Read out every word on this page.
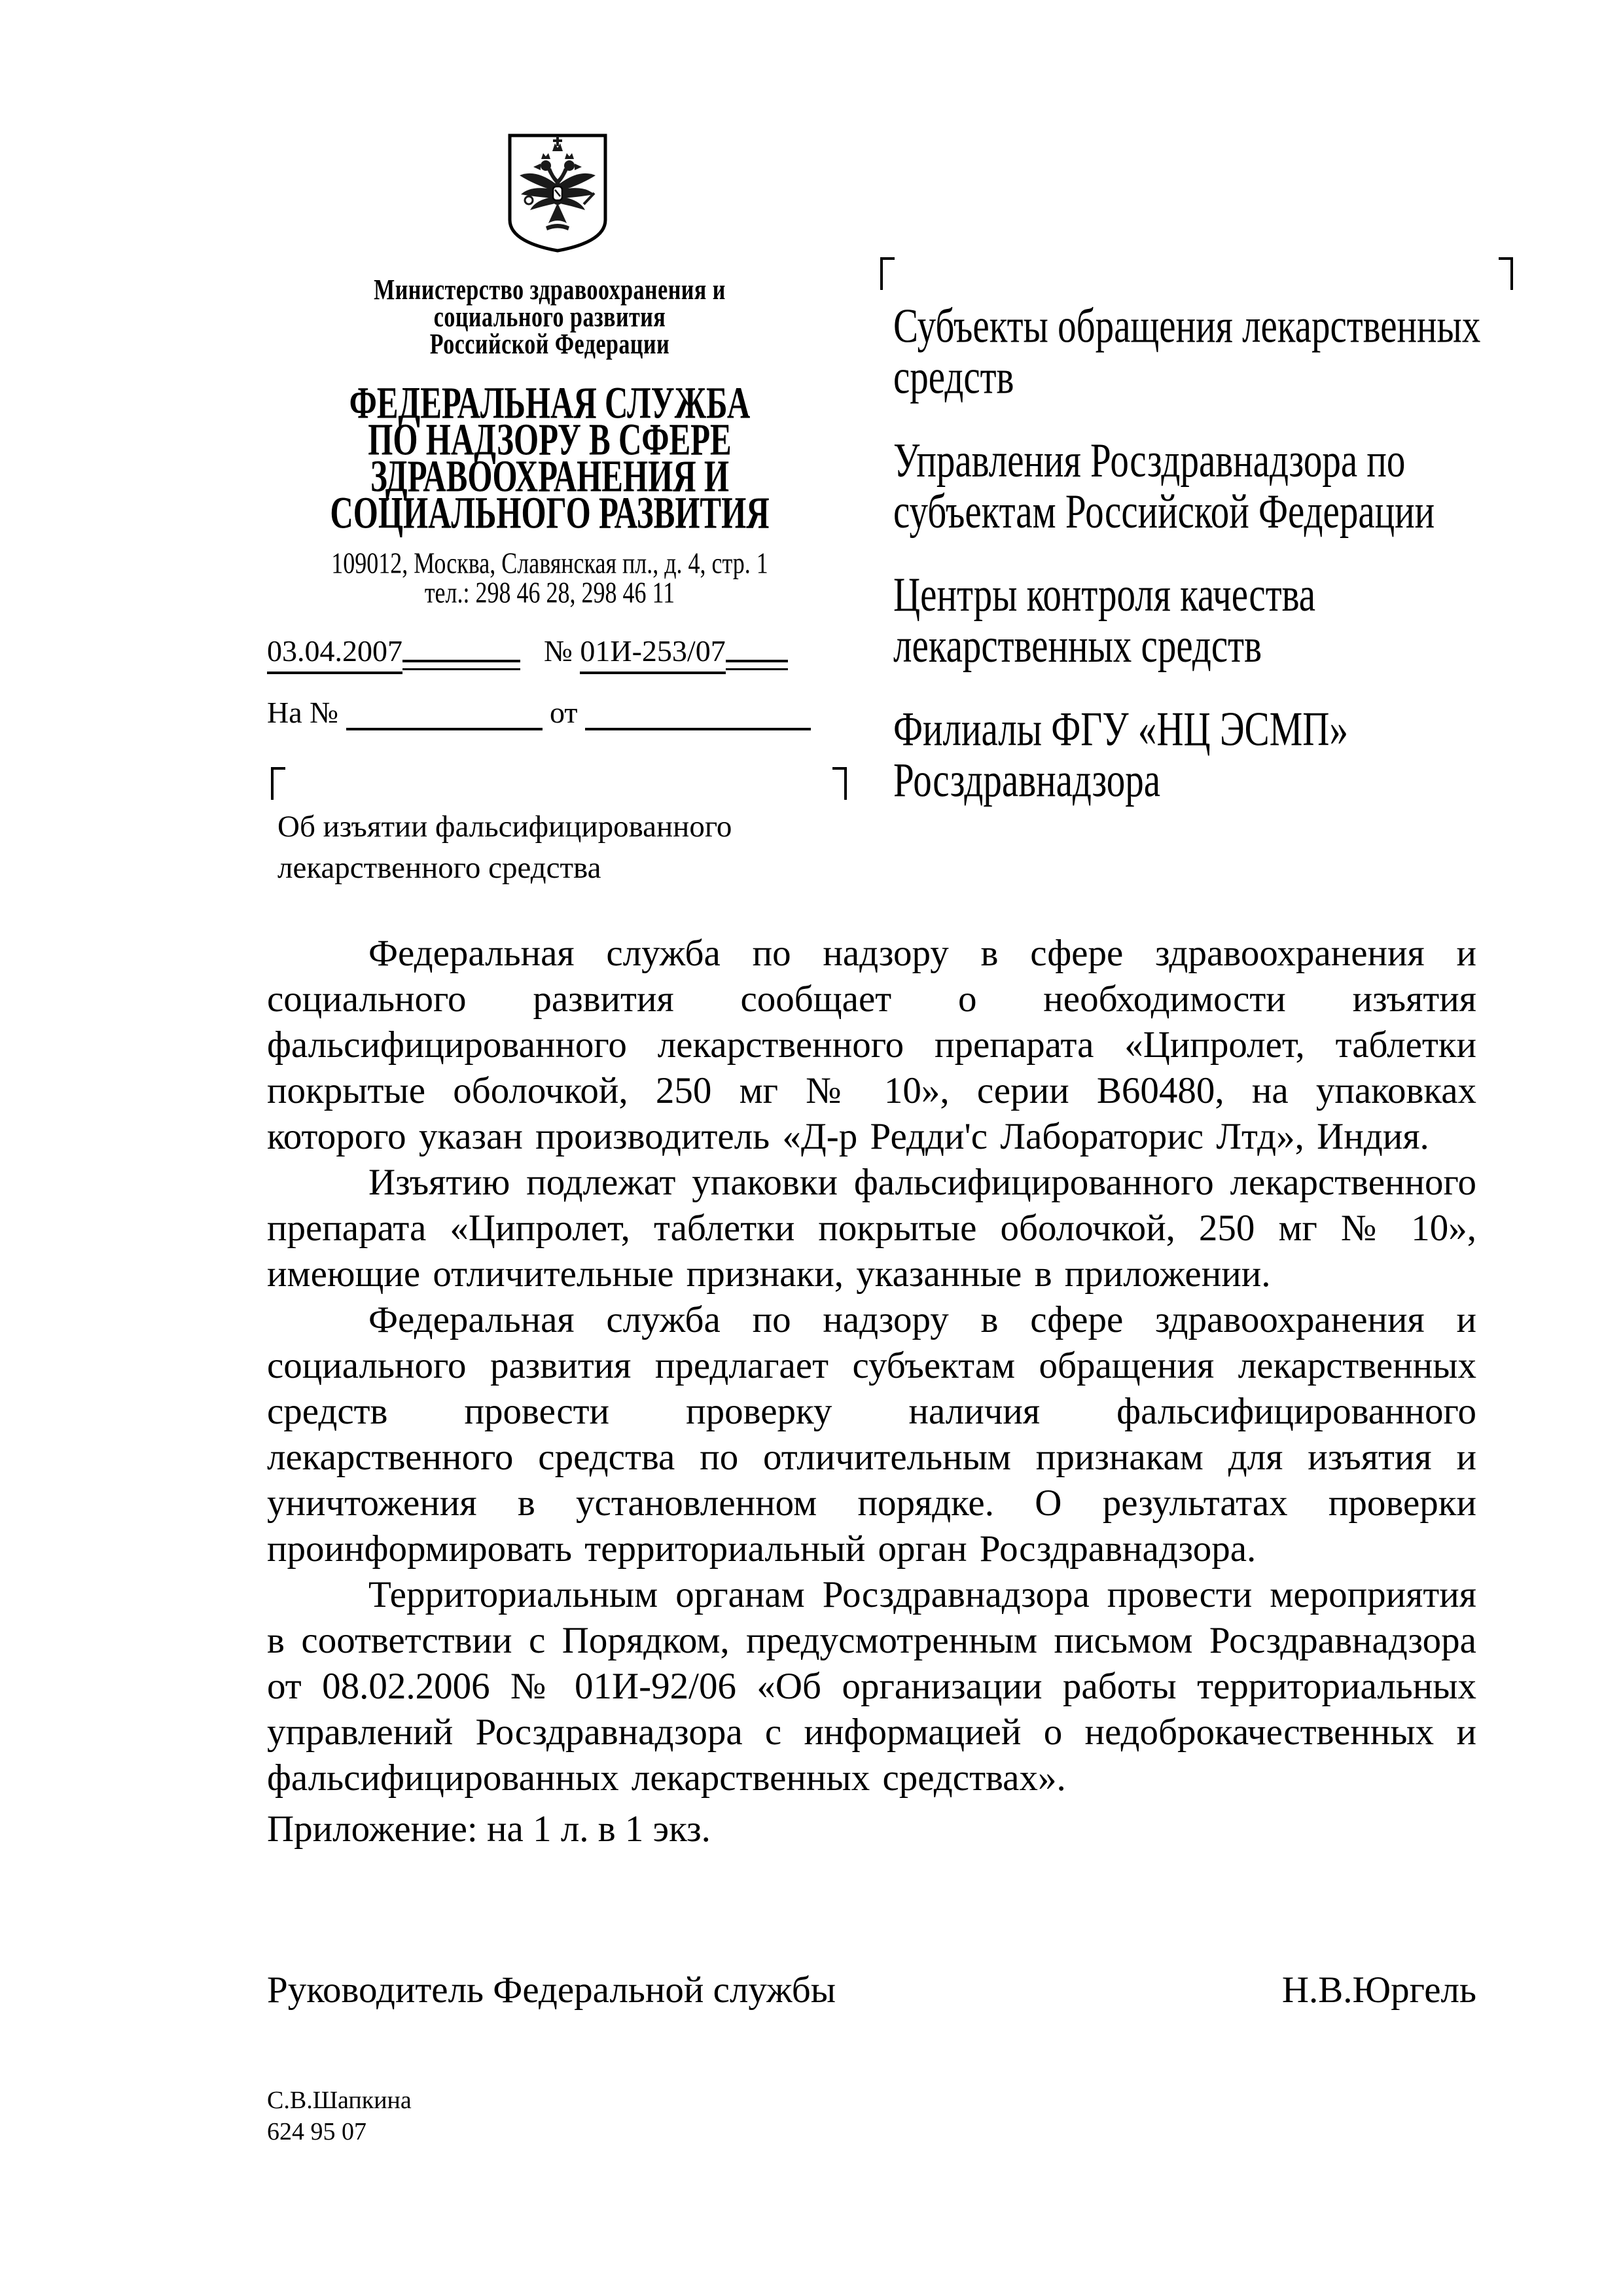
Министерство здравоохранения и
социального развития
Российской Федерации
ФЕДЕРАЛЬНАЯ СЛУЖБА
ПО НАДЗОРУ В СФЕРЕ
ЗДРАВООХРАНЕНИЯ И
СОЦИАЛЬНОГО РАЗВИТИЯ
109012, Москва, Славянская пл., д. 4, стр. 1
тел.: 298 46 28, 298 46 11
03.04.2007	№ 01И-253/07
На №	от
Субъекты обращения лекарственных средств
Управления Росздравнадзора по субъектам Российской Федерации
Центры контроля качества лекарственных средств
Филиалы ФГУ «НЦ ЭСМП» Росздравнадзора
Об изъятии фальсифицированного лекарственного средства

Федеральная служба по надзору в сфере здравоохранения и социального развития сообщает о необходимости изъятия фальсифицированного лекарственного препарата «Ципролет, таблетки покрытые оболочкой, 250 мг № 10», серии В60480, на упаковках которого указан производитель «Д-р Редди'с Лабораторис Лтд», Индия.

Изъятию подлежат упаковки фальсифицированного лекарственного препарата «Ципролет, таблетки покрытые оболочкой, 250 мг № 10», имеющие отличительные признаки, указанные в приложении.

Федеральная служба по надзору в сфере здравоохранения и социального развития предлагает субъектам обращения лекарственных средств провести проверку наличия фальсифицированного лекарственного средства по отличительным признакам для изъятия и уничтожения в установленном порядке. О результатах проверки проинформировать территориальный орган Росздравнадзора.

Территориальным органам Росздравнадзора провести мероприятия в соответствии с Порядком, предусмотренным письмом Росздравнадзора от 08.02.2006 № 01И-92/06 «Об организации работы территориальных управлений Росздравнадзора с информацией о недоброкачественных и фальсифицированных лекарственных средствах».

Приложение: на 1 л. в 1 экз.
Руководитель Федеральной службы	Н.В.Юргель
С.В.Шапкина
624 95 07
